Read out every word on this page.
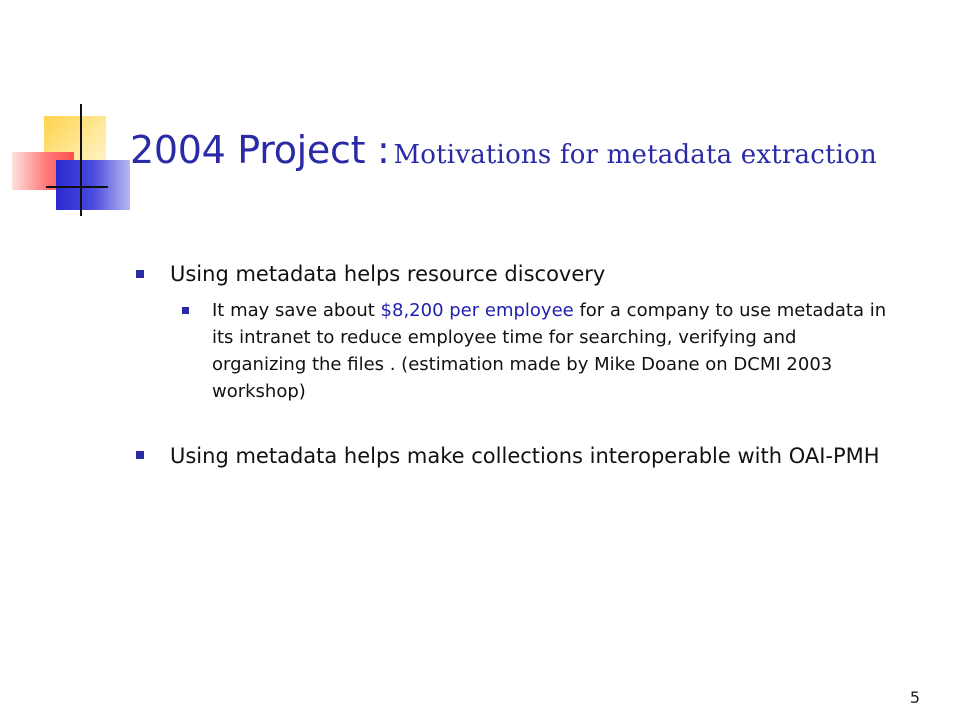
2004 Project : Motivations for metadata extraction
Using metadata helps resource discovery
It may save about $8,200 per employee for a company to use metadata in its intranet to reduce employee time for searching, verifying and organizing the files . (estimation made by Mike Doane on DCMI 2003 workshop)
Using metadata helps make collections interoperable with OAI-PMH
5
